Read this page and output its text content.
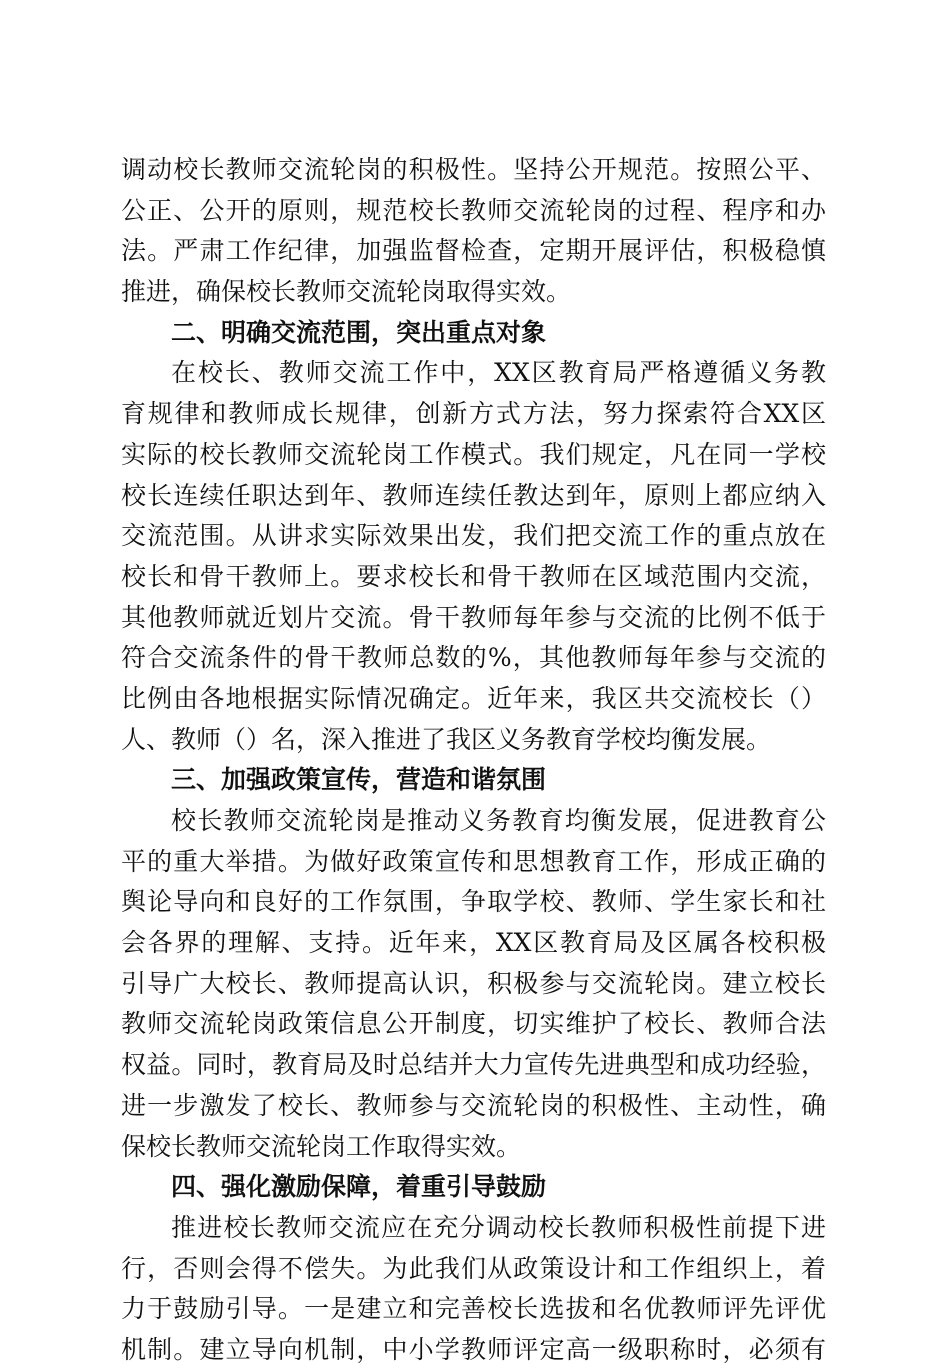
调动校长教师交流轮岗的积极性。坚持公开规范。按照公平、
公正、公开的原则，规范校长教师交流轮岗的过程、程序和办
法。严肃工作纪律，加强监督检查，定期开展评估，积极稳慎
推进，确保校长教师交流轮岗取得实效。
二、明确交流范围，突出重点对象
在校长、教师交流工作中，XX区教育局严格遵循义务教
育规律和教师成长规律，创新方式方法，努力探索符合XX区
实际的校长教师交流轮岗工作模式。我们规定，凡在同一学校
校长连续任职达到年、教师连续任教达到年，原则上都应纳入
交流范围。从讲求实际效果出发，我们把交流工作的重点放在
校长和骨干教师上。要求校长和骨干教师在区域范围内交流，
其他教师就近划片交流。骨干教师每年参与交流的比例不低于
符合交流条件的骨干教师总数的%，其他教师每年参与交流的
比例由各地根据实际情况确定。近年来，我区共交流校长（）
人、教师（）名，深入推进了我区义务教育学校均衡发展。
三、加强政策宣传，营造和谐氛围
校长教师交流轮岗是推动义务教育均衡发展，促进教育公
平的重大举措。为做好政策宣传和思想教育工作，形成正确的
舆论导向和良好的工作氛围，争取学校、教师、学生家长和社
会各界的理解、支持。近年来，XX区教育局及区属各校积极
引导广大校长、教师提高认识，积极参与交流轮岗。建立校长
教师交流轮岗政策信息公开制度，切实维护了校长、教师合法
权益。同时，教育局及时总结并大力宣传先进典型和成功经验，
进一步激发了校长、教师参与交流轮岗的积极性、主动性，确
保校长教师交流轮岗工作取得实效。
四、强化激励保障，着重引导鼓励
推进校长教师交流应在充分调动校长教师积极性前提下进
行，否则会得不偿失。为此我们从政策设计和工作组织上，着
力于鼓励引导。一是建立和完善校长选拔和名优教师评先评优
机制。建立导向机制，中小学教师评定高一级职称时，必须有
